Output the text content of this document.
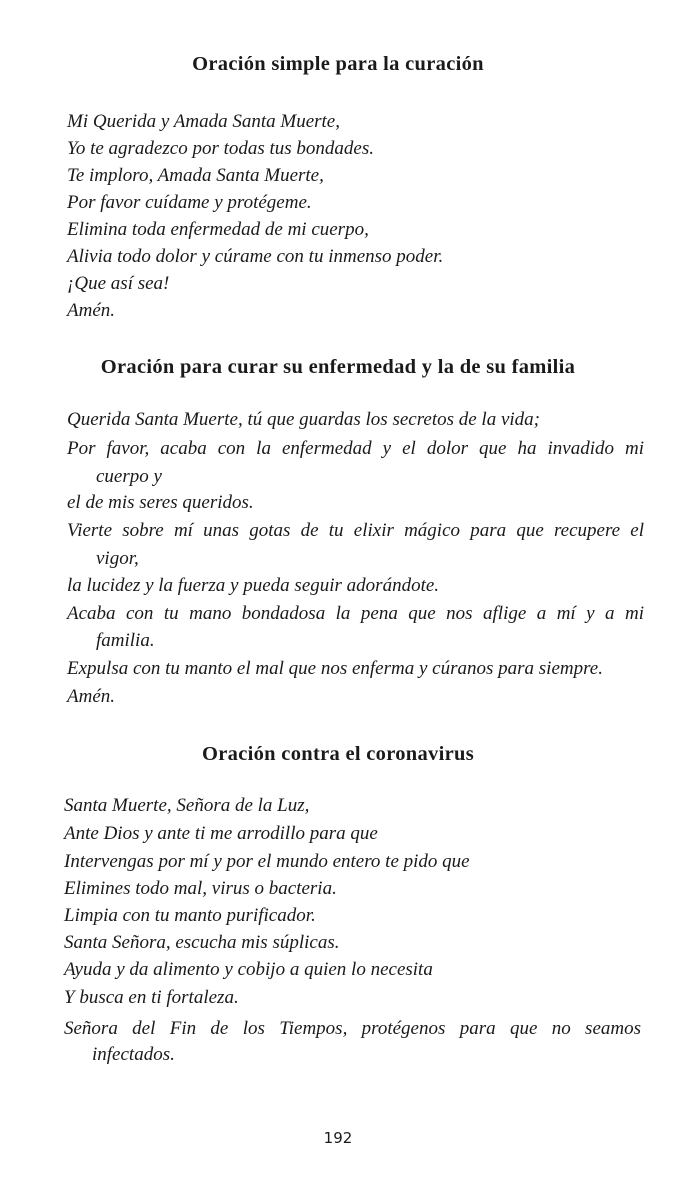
Oración simple para la curación

Mi Querida y Amada Santa Muerte,

Yo te agradezco por todas tus bondades.

Te imploro, Amada Santa Muerte,

Por favor cuídame y protégeme.

Elimina toda enfermedad de mi cuerpo,

Alivia todo dolor y cúrame con tu inmenso poder.

¡Que así sea!

Amén.

Oración para curar su enfermedad y la de su familia

Querida Santa Muerte, tú que guardas los secretos de la vida;

Por favor, acaba con la enfermedad y el dolor que ha invadido mi

cuerpo y

el de mis seres queridos.

Vierte sobre mí unas gotas de tu elixir mágico para que recupere el

vigor,

la lucidez y la fuerza y pueda seguir adorándote.

Acaba con tu mano bondadosa la pena que nos aflige a mí y a mi

familia.

Expulsa con tu manto el mal que nos enferma y cúranos para siempre.

Amén.

Oración contra el coronavirus

Santa Muerte, Señora de la Luz,

Ante Dios y ante ti me arrodillo para que

Intervengas por mí y por el mundo entero te pido que

Elimines todo mal, virus o bacteria.

Limpia con tu manto purificador.

Santa Señora, escucha mis súplicas.

Ayuda y da alimento y cobijo a quien lo necesita

Y busca en ti fortaleza.

Señora del Fin de los Tiempos, protégenos para que no seamos

infectados.

192
